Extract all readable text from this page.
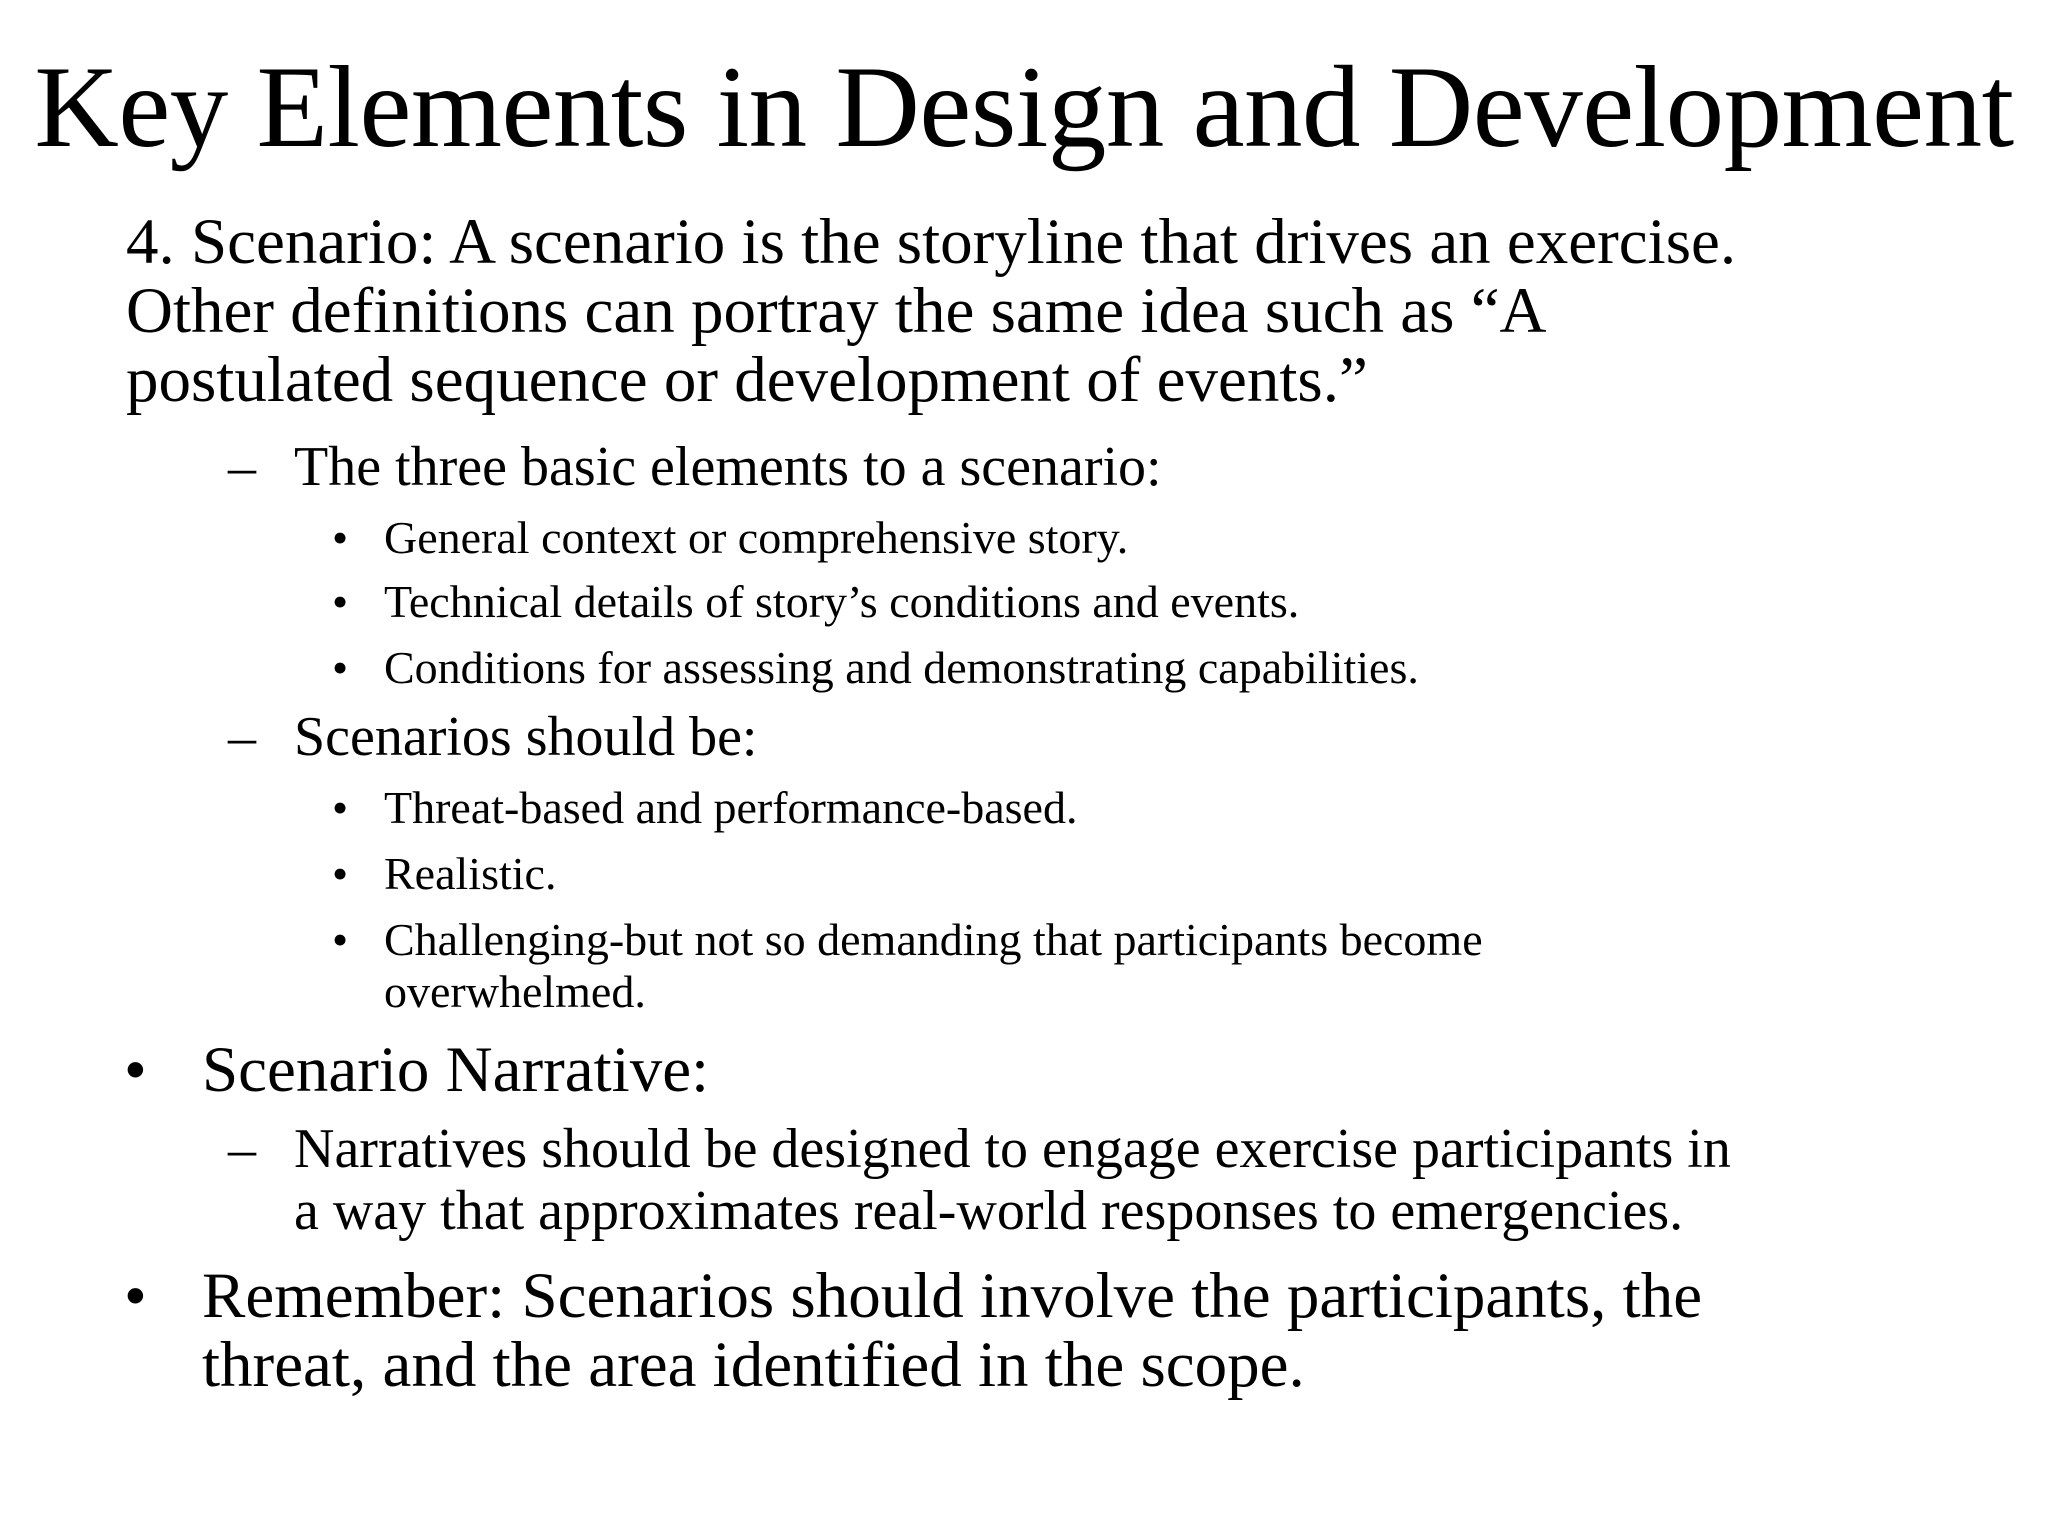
Key Elements in Design and Development
4. Scenario: A scenario is the storyline that drives an exercise.
Other definitions can portray the same idea such as “A
postulated sequence or development of events.”
– The three basic elements to a scenario:
• General context or comprehensive story.
• Technical details of story’s conditions and events.
• Conditions for assessing and demonstrating capabilities.
– Scenarios should be:
• Threat-based and performance-based.
• Realistic.
• Challenging-but not so demanding that participants become
overwhelmed.
• Scenario Narrative:
– Narratives should be designed to engage exercise participants in
a way that approximates real-world responses to emergencies.
• Remember: Scenarios should involve the participants, the
threat, and the area identified in the scope.
